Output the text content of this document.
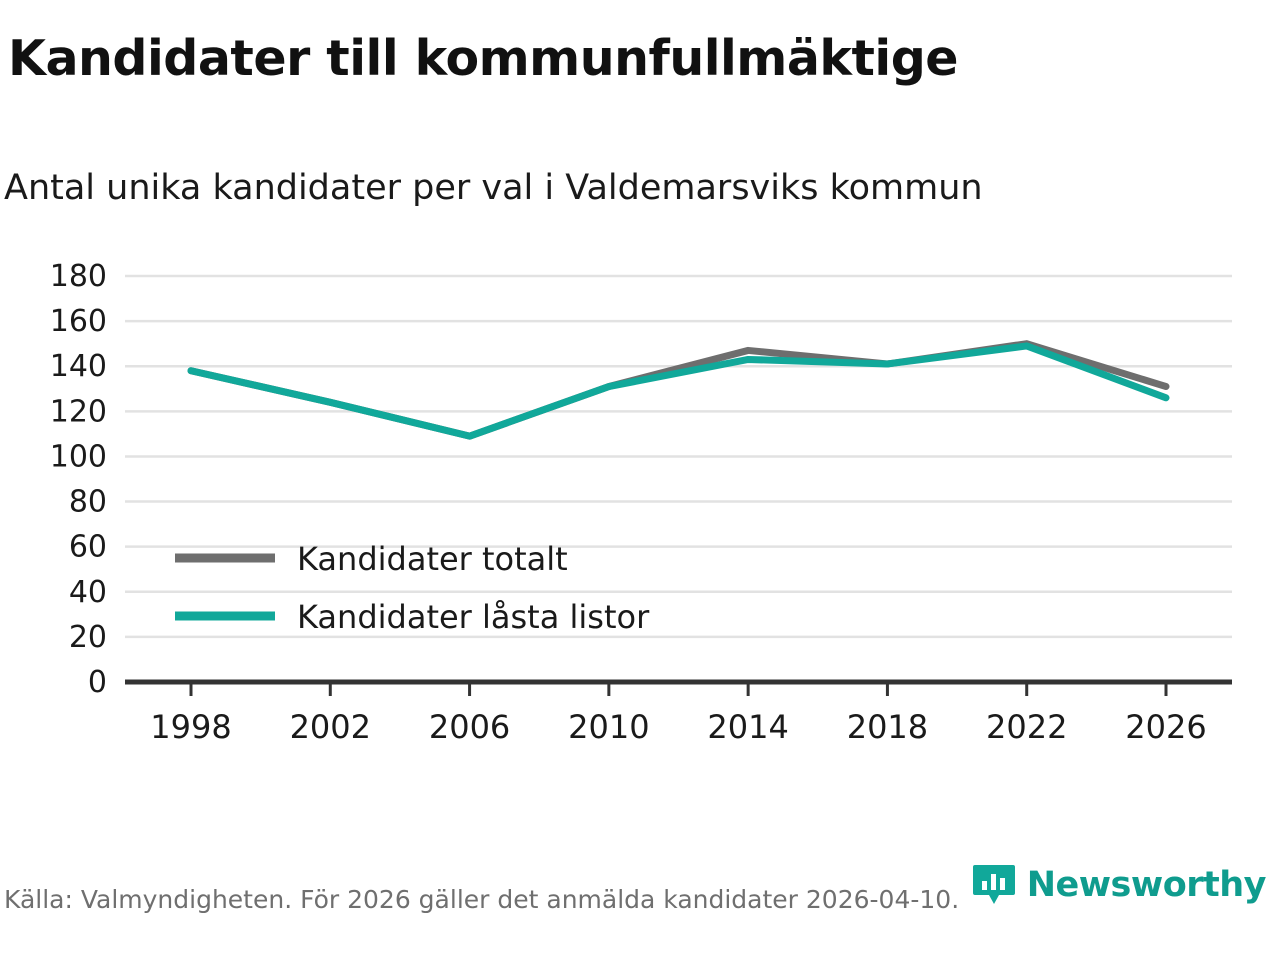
Kandidater till kommunfullmäktige
Antal unika kandidater per val i Valdemarsviks kommun
0
20
40
60
80
100
120
140
160
180
1998 2002 2006 2010 2014 2018 2022 2026
Kandidater totalt
Kandidater låsta listor
Källa: Valmyndigheten. För 2026 gäller det anmälda kandidater 2026-04-10. Newsworthy
